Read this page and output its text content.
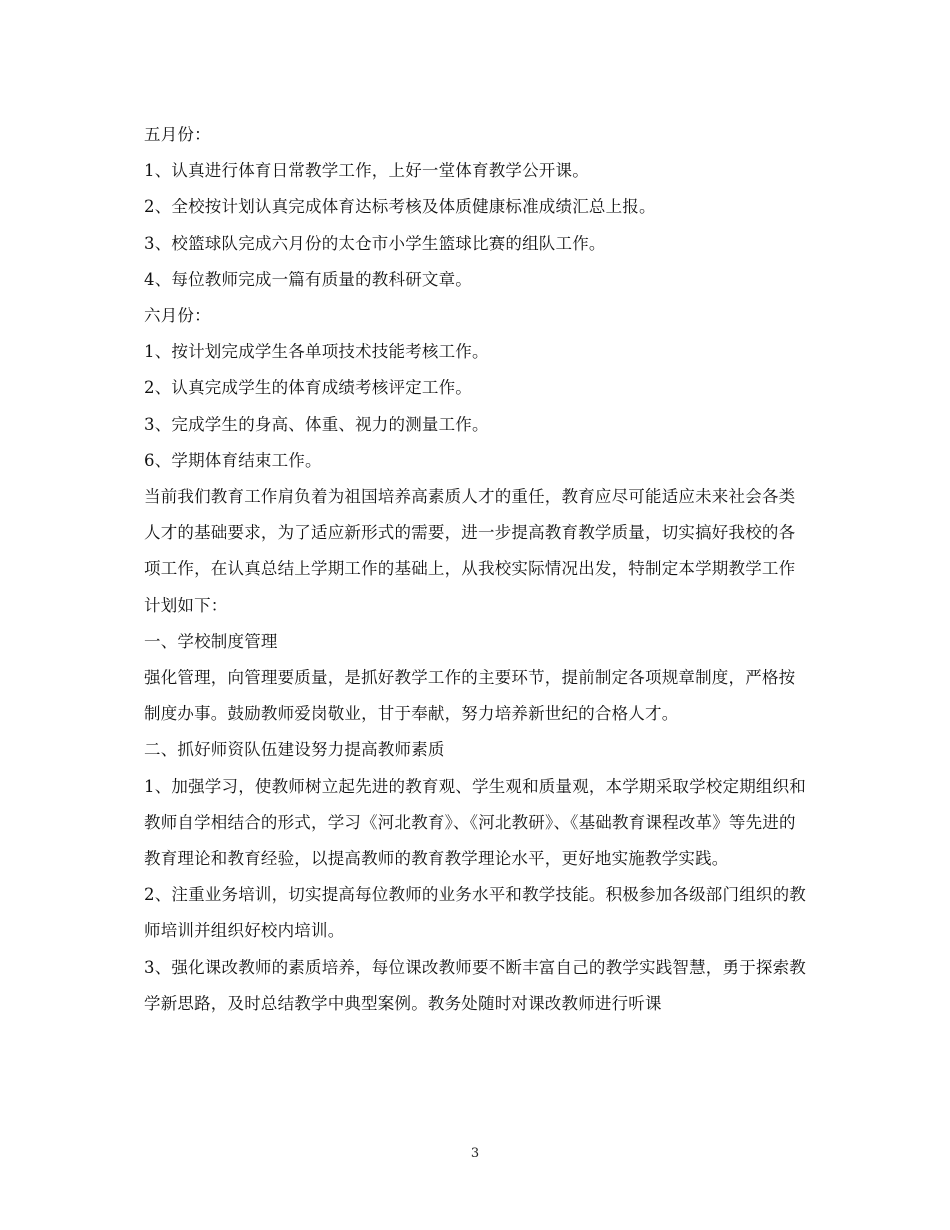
五月份：

1、认真进行体育日常教学工作，上好一堂体育教学公开课。

2、全校按计划认真完成体育达标考核及体质健康标准成绩汇总上报。

3、校篮球队完成六月份的太仓市小学生篮球比赛的组队工作。

4、每位教师完成一篇有质量的教科研文章。

六月份：

1、按计划完成学生各单项技术技能考核工作。

2、认真完成学生的体育成绩考核评定工作。

3、完成学生的身高、体重、视力的测量工作。

6、学期体育结束工作。

当前我们教育工作肩负着为祖国培养高素质人才的重任，教育应尽可能适应未来社会各类人才的基础要求，为了适应新形式的需要，进一步提高教育教学质量，切实搞好我校的各项工作，在认真总结上学期工作的基础上，从我校实际情况出发，特制定本学期教学工作计划如下：

一、学校制度管理

强化管理，向管理要质量，是抓好教学工作的主要环节，提前制定各项规章制度，严格按制度办事。鼓励教师爱岗敬业，甘于奉献，努力培养新世纪的合格人才。

二、抓好师资队伍建设努力提高教师素质

1、加强学习，使教师树立起先进的教育观、学生观和质量观，本学期采取学校定期组织和教师自学相结合的形式，学习《河北教育》、《河北教研》、《基础教育课程改革》等先进的教育理论和教育经验，以提高教师的教育教学理论水平，更好地实施教学实践。

2、注重业务培训，切实提高每位教师的业务水平和教学技能。积极参加各级部门组织的教师培训并组织好校内培训。

3、强化课改教师的素质培养，每位课改教师要不断丰富自己的教学实践智慧，勇于探索教学新思路，及时总结教学中典型案例。教务处随时对课改教师进行听课

3
